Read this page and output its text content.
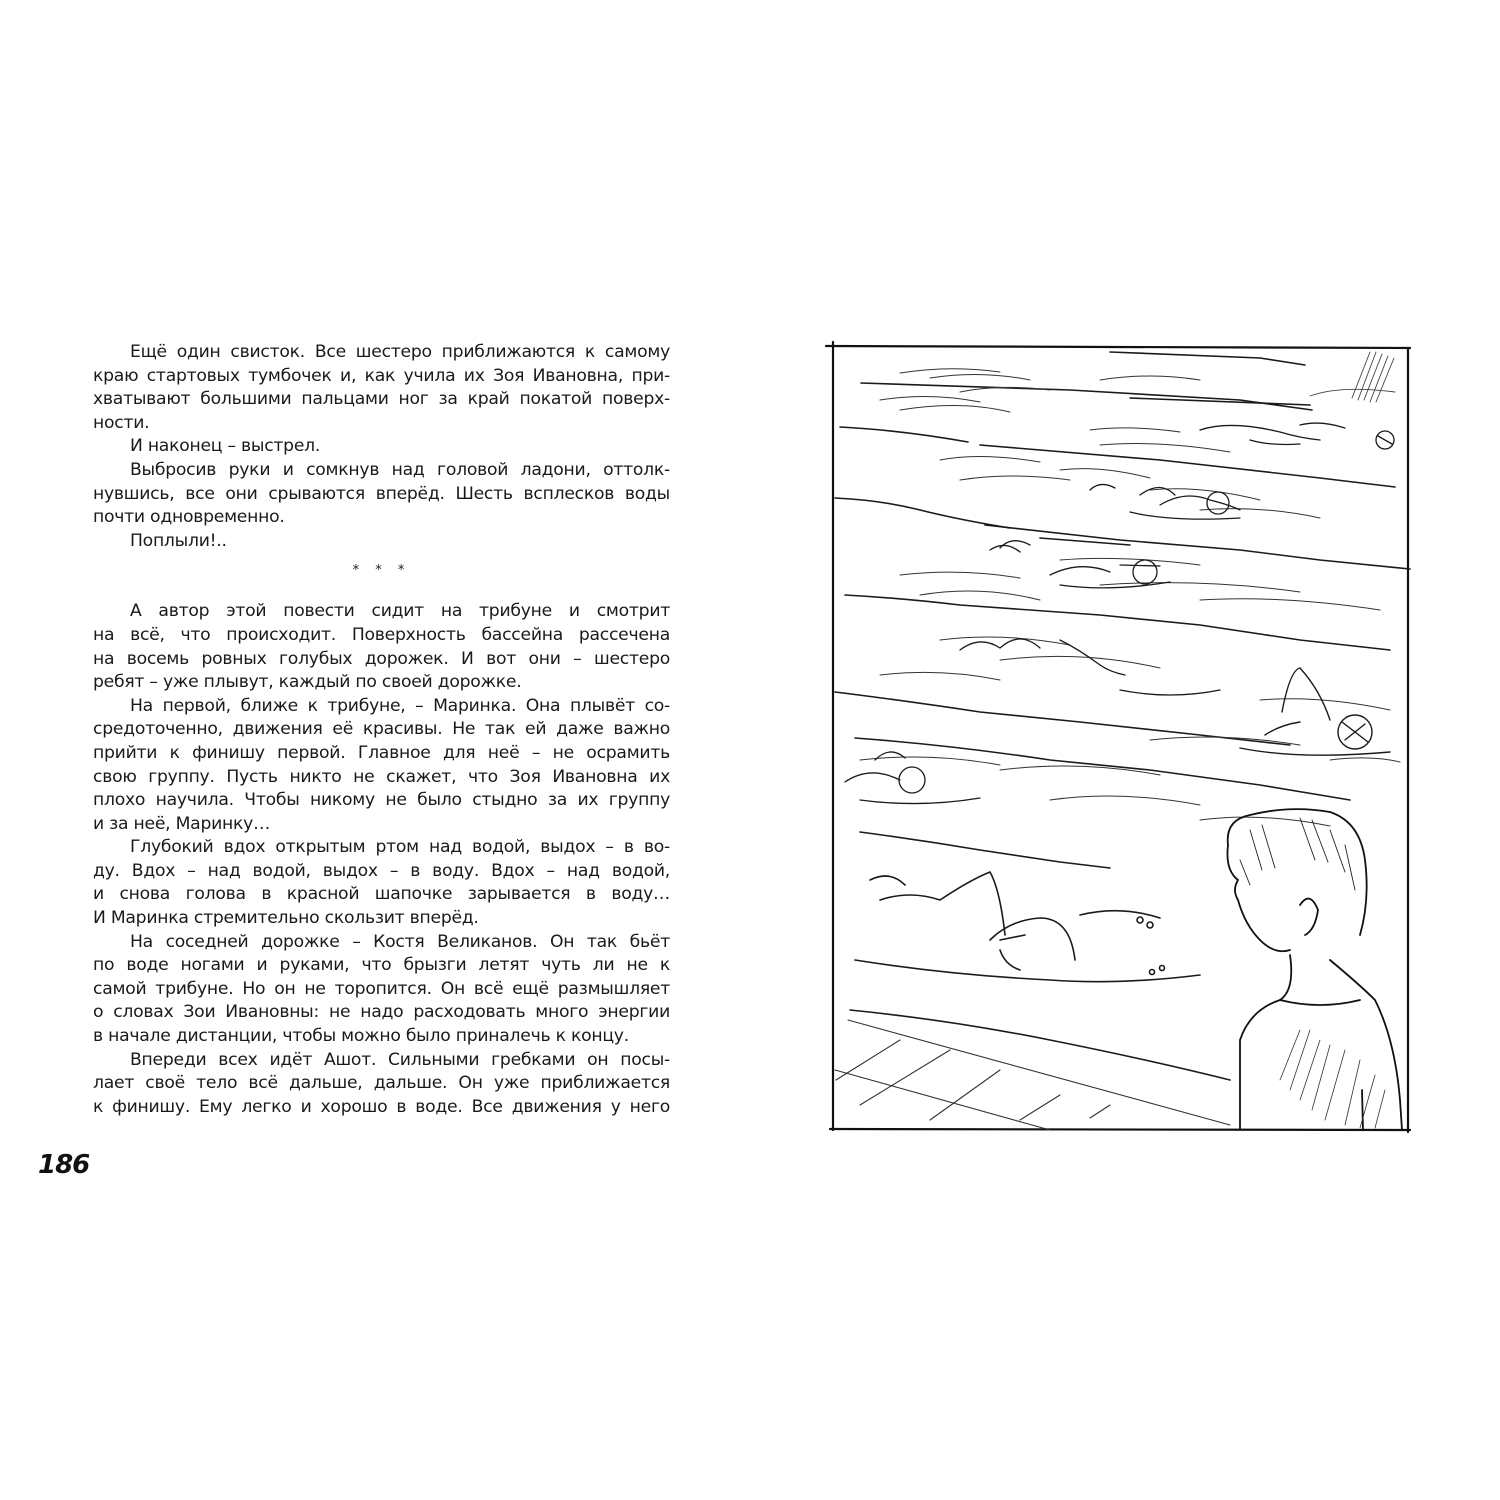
Ещё один свисток. Все шестеро приближаются к самому
краю стартовых тумбочек и, как учила их Зоя Ивановна, при-
хватывают большими пальцами ног за край покатой поверх-
ности.
И наконец – выстрел.
Выбросив руки и сомкнув над головой ладони, оттолк-
нувшись, все они срываются вперёд. Шесть всплесков воды
почти одновременно.
Поплыли!..
* * *
А автор этой повести сидит на трибуне и смотрит
на всё, что происходит. Поверхность бассейна рассечена
на восемь ровных голубых дорожек. И вот они – шестеро
ребят – уже плывут, каждый по своей дорожке.
На первой, ближе к трибуне, – Маринка. Она плывёт со-
средоточенно, движения её красивы. Не так ей даже важно
прийти к финишу первой. Главное для неё – не осрамить
свою группу. Пусть никто не скажет, что Зоя Ивановна их
плохо научила. Чтобы никому не было стыдно за их группу
и за неё, Маринку…
Глубокий вдох открытым ртом над водой, выдох – в во-
ду. Вдох – над водой, выдох – в воду. Вдох – над водой,
и снова голова в красной шапочке зарывается в воду…
И Маринка стремительно скользит вперёд.
На соседней дорожке – Костя Великанов. Он так бьёт
по воде ногами и руками, что брызги летят чуть ли не к
самой трибуне. Но он не торопится. Он всё ещё размышляет
о словах Зои Ивановны: не надо расходовать много энергии
в начале дистанции, чтобы можно было приналечь к концу.
Впереди всех идёт Ашот. Сильными гребками он посы-
лает своё тело всё дальше, дальше. Он уже приближается
к финишу. Ему легко и хорошо в воде. Все движения у него
186
